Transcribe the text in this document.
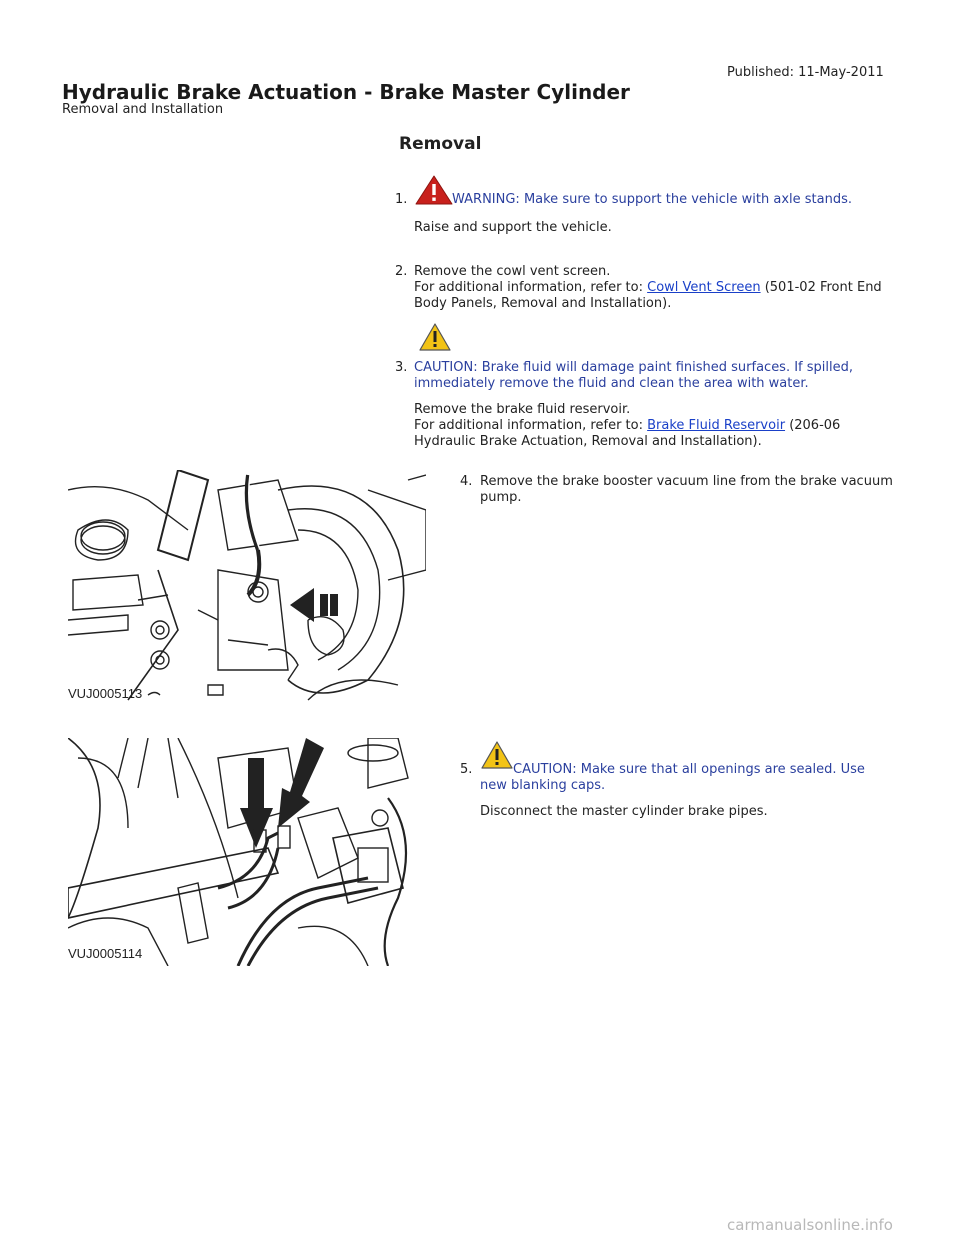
Published: 11-May-2011
Hydraulic Brake Actuation - Brake Master Cylinder
Removal and Installation
Removal
1.	WARNING: Make sure to support the vehicle with axle stands.
Raise and support the vehicle.
2. Remove the cowl vent screen.
For additional information, refer to: Cowl Vent Screen (501-02 Front End
Body Panels, Removal and Installation).
3. CAUTION: Brake fluid will damage paint finished surfaces. If spilled,
immediately remove the fluid and clean the area with water.
Remove the brake fluid reservoir.
For additional information, refer to: Brake Fluid Reservoir (206-06
Hydraulic Brake Actuation, Removal and Installation).
VUJ0005113
4. Remove the brake booster vacuum line from the brake vacuum
pump.
VUJ0005114
5.	CAUTION: Make sure that all openings are sealed. Use
new blanking caps.
Disconnect the master cylinder brake pipes.
carmanualsonline.info
